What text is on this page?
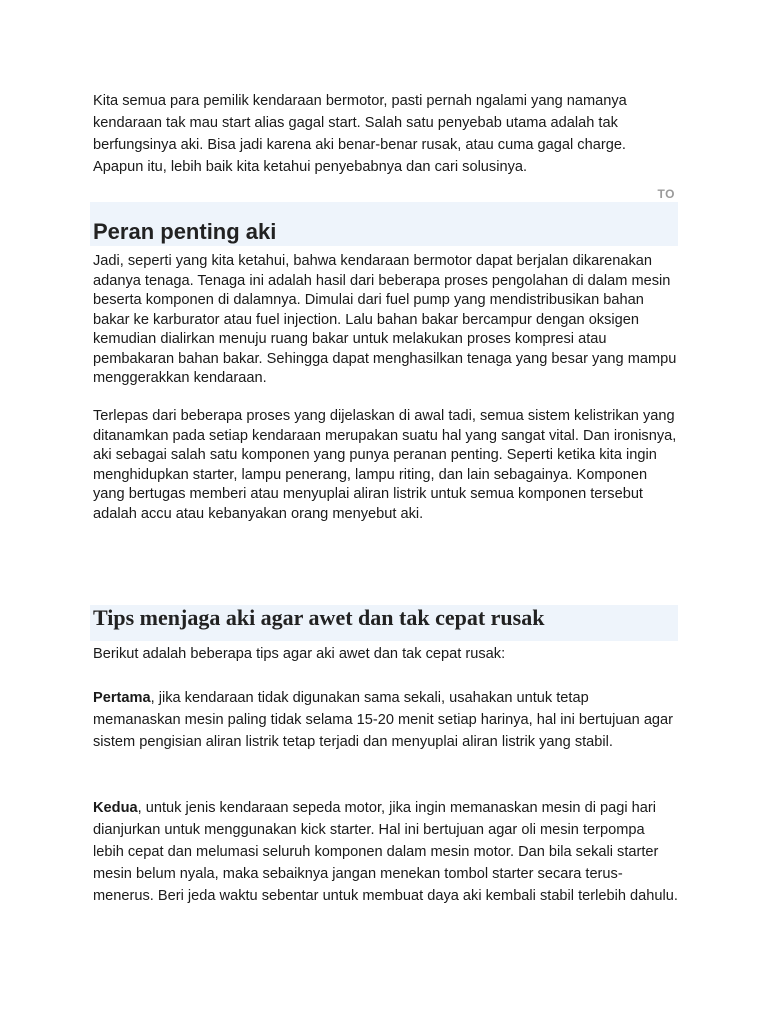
Kita semua para pemilik kendaraan bermotor, pasti pernah ngalami yang namanya kendaraan tak mau start alias gagal start. Salah satu penyebab utama adalah tak berfungsinya aki. Bisa jadi karena aki benar-benar rusak, atau cuma gagal charge. Apapun itu, lebih baik kita ketahui penyebabnya dan cari solusinya.

TO
Peran penting aki

Jadi, seperti yang kita ketahui, bahwa kendaraan bermotor dapat berjalan dikarenakan adanya tenaga. Tenaga ini adalah hasil dari beberapa proses pengolahan di dalam mesin beserta komponen di dalamnya. Dimulai dari fuel pump yang mendistribusikan bahan bakar ke karburator atau fuel injection. Lalu bahan bakar bercampur dengan oksigen kemudian dialirkan menuju ruang bakar untuk melakukan proses kompresi atau pembakaran bahan bakar. Sehingga dapat menghasilkan tenaga yang besar yang mampu menggerakkan kendaraan.

Terlepas dari beberapa proses yang dijelaskan di awal tadi, semua sistem kelistrikan yang ditanamkan pada setiap kendaraan merupakan suatu hal yang sangat vital. Dan ironisnya, aki sebagai salah satu komponen yang punya peranan penting. Seperti ketika kita ingin menghidupkan starter, lampu penerang, lampu riting, dan lain sebagainya. Komponen yang bertugas memberi atau menyuplai aliran listrik untuk semua komponen tersebut adalah accu atau kebanyakan orang menyebut aki.

Tips menjaga aki agar awet dan tak cepat rusak

Berikut adalah beberapa tips agar aki awet dan tak cepat rusak:

Pertama, jika kendaraan tidak digunakan sama sekali, usahakan untuk tetap memanaskan mesin paling tidak selama 15-20 menit setiap harinya, hal ini bertujuan agar sistem pengisian aliran listrik tetap terjadi dan menyuplai aliran listrik yang stabil.

Kedua, untuk jenis kendaraan sepeda motor, jika ingin memanaskan mesin di pagi hari dianjurkan untuk menggunakan kick starter. Hal ini bertujuan agar oli mesin terpompa lebih cepat dan melumasi seluruh komponen dalam mesin motor. Dan bila sekali starter mesin belum nyala, maka sebaiknya jangan menekan tombol starter secara terus-menerus. Beri jeda waktu sebentar untuk membuat daya aki kembali stabil terlebih dahulu.
